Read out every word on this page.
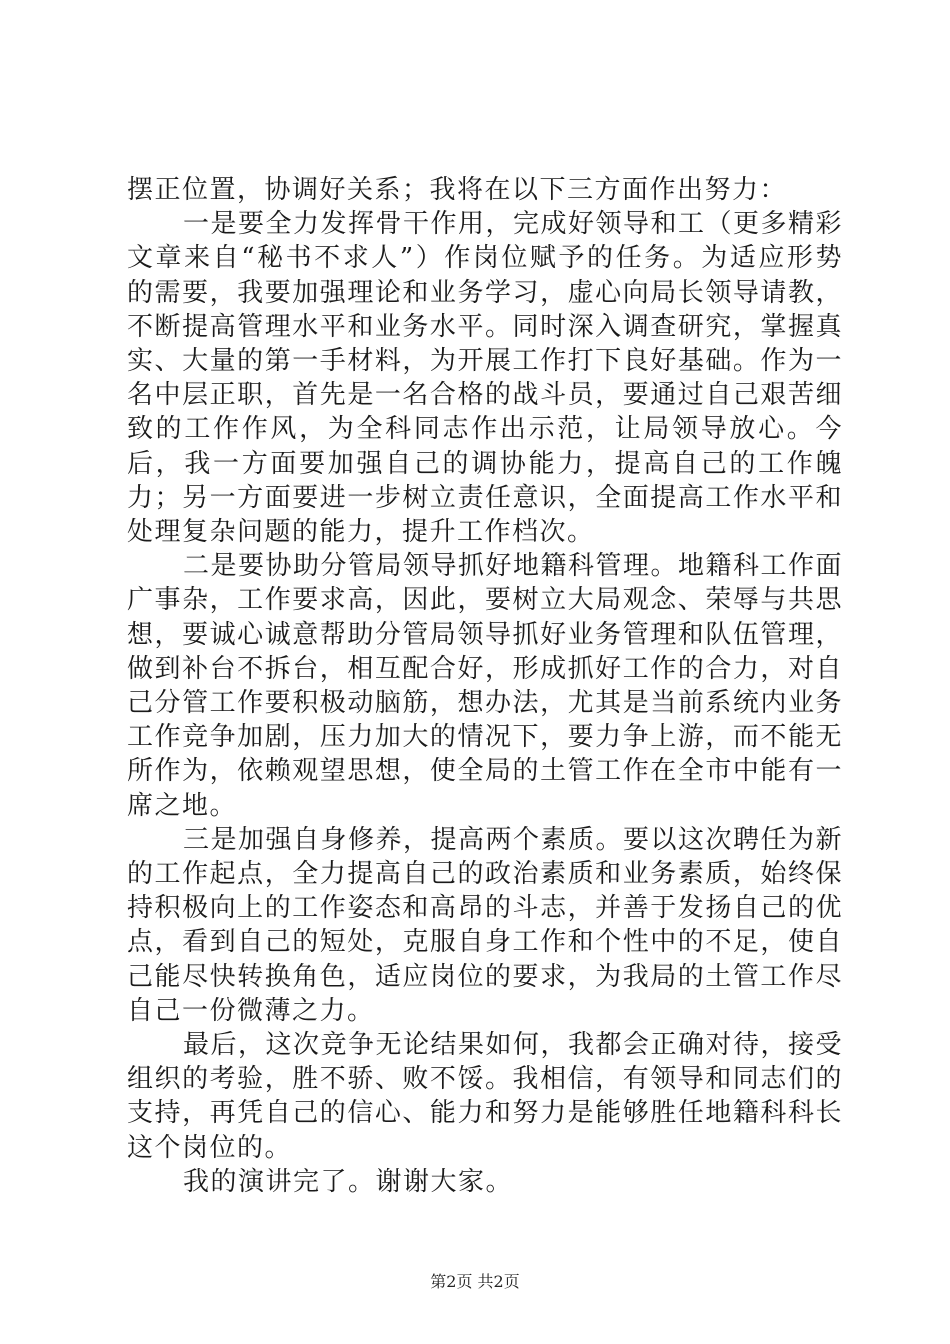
摆正位置，协调好关系；我将在以下三方面作出努力：

一是要全力发挥骨干作用，完成好领导和工（更多精彩文章来自“秘书不求人”）作岗位赋予的任务。为适应形势的需要，我要加强理论和业务学习，虚心向局长领导请教，不断提高管理水平和业务水平。同时深入调查研究，掌握真实、大量的第一手材料，为开展工作打下良好基础。作为一名中层正职，首先是一名合格的战斗员，要通过自己艰苦细致的工作作风，为全科同志作出示范，让局领导放心。今后，我一方面要加强自己的调协能力，提高自己的工作魄力；另一方面要进一步树立责任意识，全面提高工作水平和处理复杂问题的能力，提升工作档次。

二是要协助分管局领导抓好地籍科管理。地籍科工作面广事杂，工作要求高，因此，要树立大局观念、荣辱与共思想，要诚心诚意帮助分管局领导抓好业务管理和队伍管理，做到补台不拆台，相互配合好，形成抓好工作的合力，对自己分管工作要积极动脑筋，想办法，尤其是当前系统内业务工作竞争加剧，压力加大的情况下，要力争上游，而不能无所作为，依赖观望思想，使全局的土管工作在全市中能有一席之地。

三是加强自身修养，提高两个素质。要以这次聘任为新的工作起点，全力提高自己的政治素质和业务素质，始终保持积极向上的工作姿态和高昂的斗志，并善于发扬自己的优点，看到自己的短处，克服自身工作和个性中的不足，使自己能尽快转换角色，适应岗位的要求，为我局的土管工作尽自己一份微薄之力。

最后，这次竞争无论结果如何，我都会正确对待，接受组织的考验，胜不骄、败不馁。我相信，有领导和同志们的支持，再凭自己的信心、能力和努力是能够胜任地籍科科长这个岗位的。

我的演讲完了。谢谢大家。

第2页 共2页
